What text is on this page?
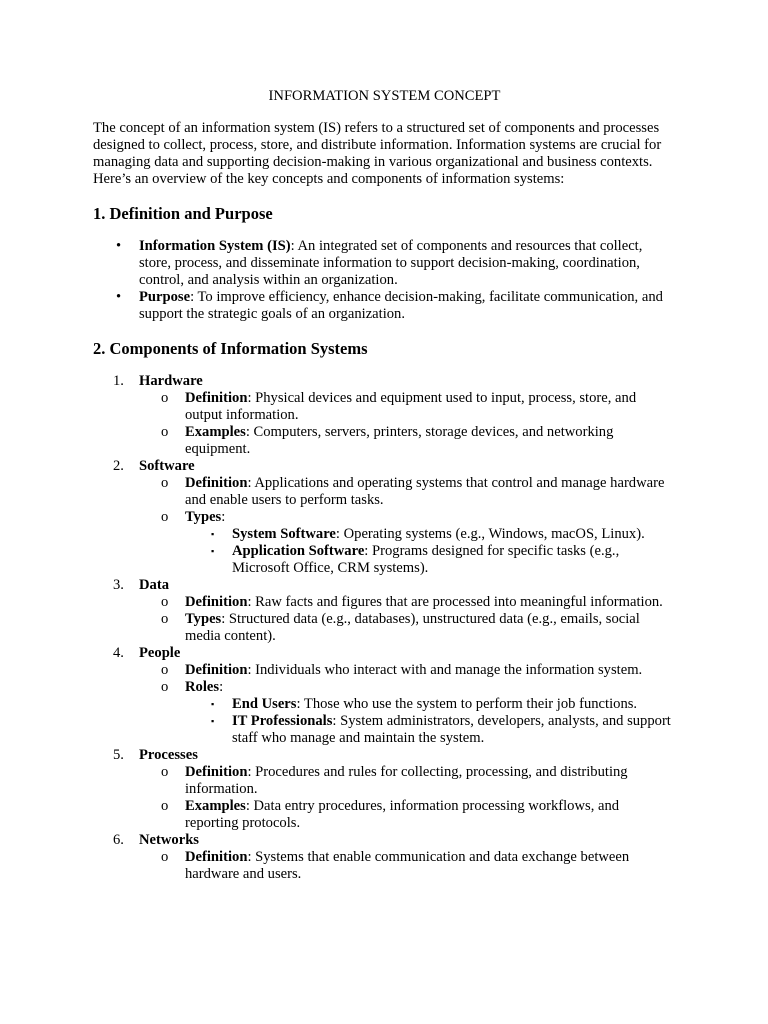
INFORMATION SYSTEM CONCEPT

The concept of an information system (IS) refers to a structured set of components and processes designed to collect, process, store, and distribute information. Information systems are crucial for managing data and supporting decision-making in various organizational and business contexts. Here’s an overview of the key concepts and components of information systems:

1. Definition and Purpose
• Information System (IS): An integrated set of components and resources that collect, store, process, and disseminate information to support decision-making, coordination, control, and analysis within an organization.
• Purpose: To improve efficiency, enhance decision-making, facilitate communication, and support the strategic goals of an organization.
2. Components of Information Systems
1. Hardware
o Definition: Physical devices and equipment used to input, process, store, and output information.
o Examples: Computers, servers, printers, storage devices, and networking equipment.
2. Software
o Definition: Applications and operating systems that control and manage hardware and enable users to perform tasks.
o Types:
▪ System Software: Operating systems (e.g., Windows, macOS, Linux).
▪ Application Software: Programs designed for specific tasks (e.g., Microsoft Office, CRM systems).
3. Data
o Definition: Raw facts and figures that are processed into meaningful information.
o Types: Structured data (e.g., databases), unstructured data (e.g., emails, social media content).
4. People
o Definition: Individuals who interact with and manage the information system.
o Roles:
▪ End Users: Those who use the system to perform their job functions.
▪ IT Professionals: System administrators, developers, analysts, and support staff who manage and maintain the system.
5. Processes
o Definition: Procedures and rules for collecting, processing, and distributing information.
o Examples: Data entry procedures, information processing workflows, and reporting protocols.
6. Networks
o Definition: Systems that enable communication and data exchange between hardware and users.
